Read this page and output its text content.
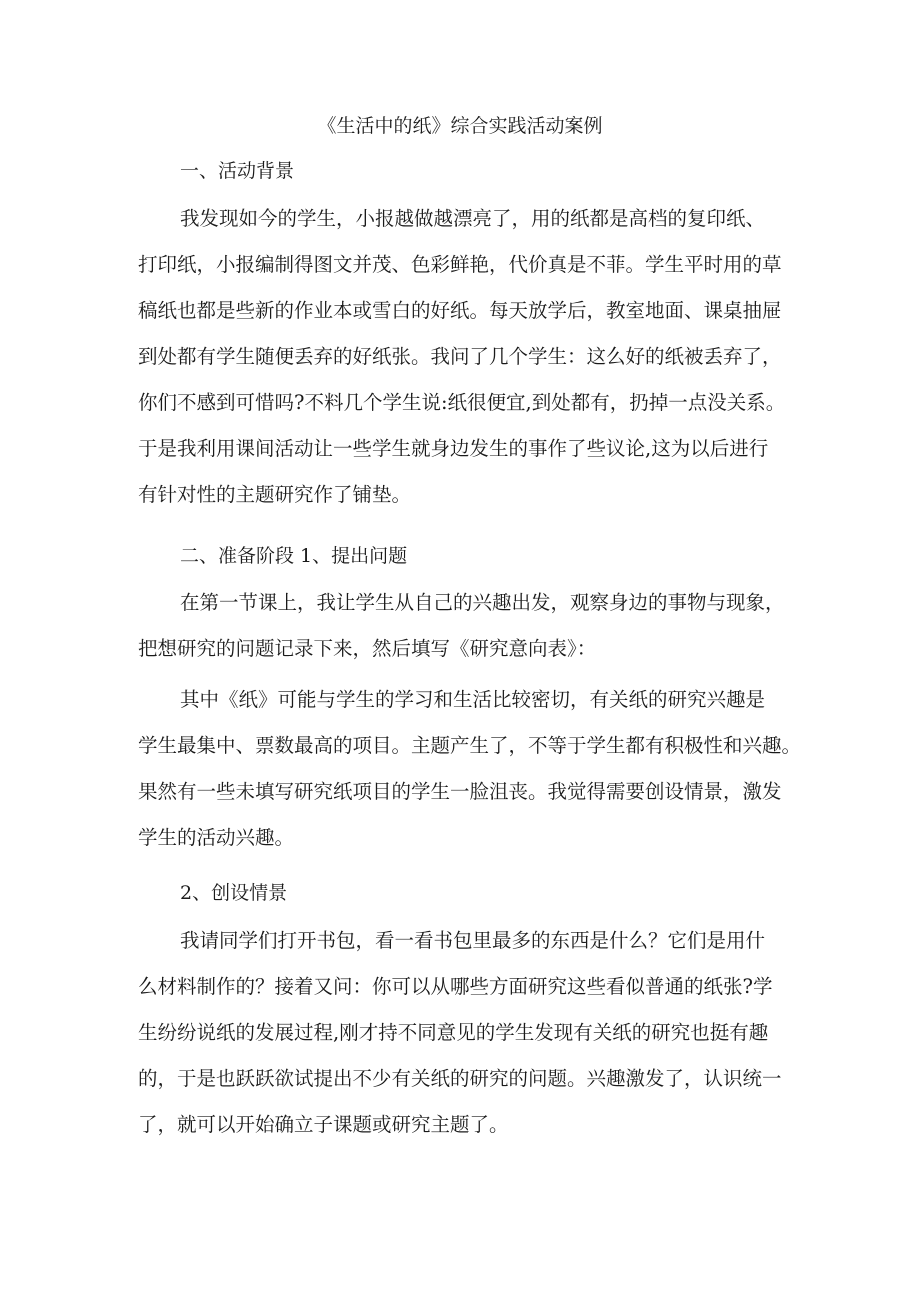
《生活中的纸》综合实践活动案例
一、活动背景
我发现如今的学生，小报越做越漂亮了，用的纸都是高档的复印纸、
打印纸，小报编制得图文并茂、色彩鲜艳，代价真是不菲。学生平时用的草
稿纸也都是些新的作业本或雪白的好纸。每天放学后，教室地面、课桌抽屉
到处都有学生随便丢弃的好纸张。我问了几个学生：这么好的纸被丢弃了，
你们不感到可惜吗?不料几个学生说:纸很便宜,到处都有，扔掉一点没关系。
于是我利用课间活动让一些学生就身边发生的事作了些议论,这为以后进行
有针对性的主题研究作了铺垫。
二、准备阶段 1、提出问题
在第一节课上，我让学生从自己的兴趣出发，观察身边的事物与现象，
把想研究的问题记录下来，然后填写《研究意向表》：
其中《纸》可能与学生的学习和生活比较密切，有关纸的研究兴趣是
学生最集中、票数最高的项目。主题产生了，不等于学生都有积极性和兴趣。
果然有一些未填写研究纸项目的学生一脸沮丧。我觉得需要创设情景，激发
学生的活动兴趣。
2、创设情景
我请同学们打开书包，看一看书包里最多的东西是什么？它们是用什
么材料制作的？接着又问：你可以从哪些方面研究这些看似普通的纸张?学
生纷纷说纸的发展过程,刚才持不同意见的学生发现有关纸的研究也挺有趣
的，于是也跃跃欲试提出不少有关纸的研究的问题。兴趣激发了，认识统一
了，就可以开始确立子课题或研究主题了。
